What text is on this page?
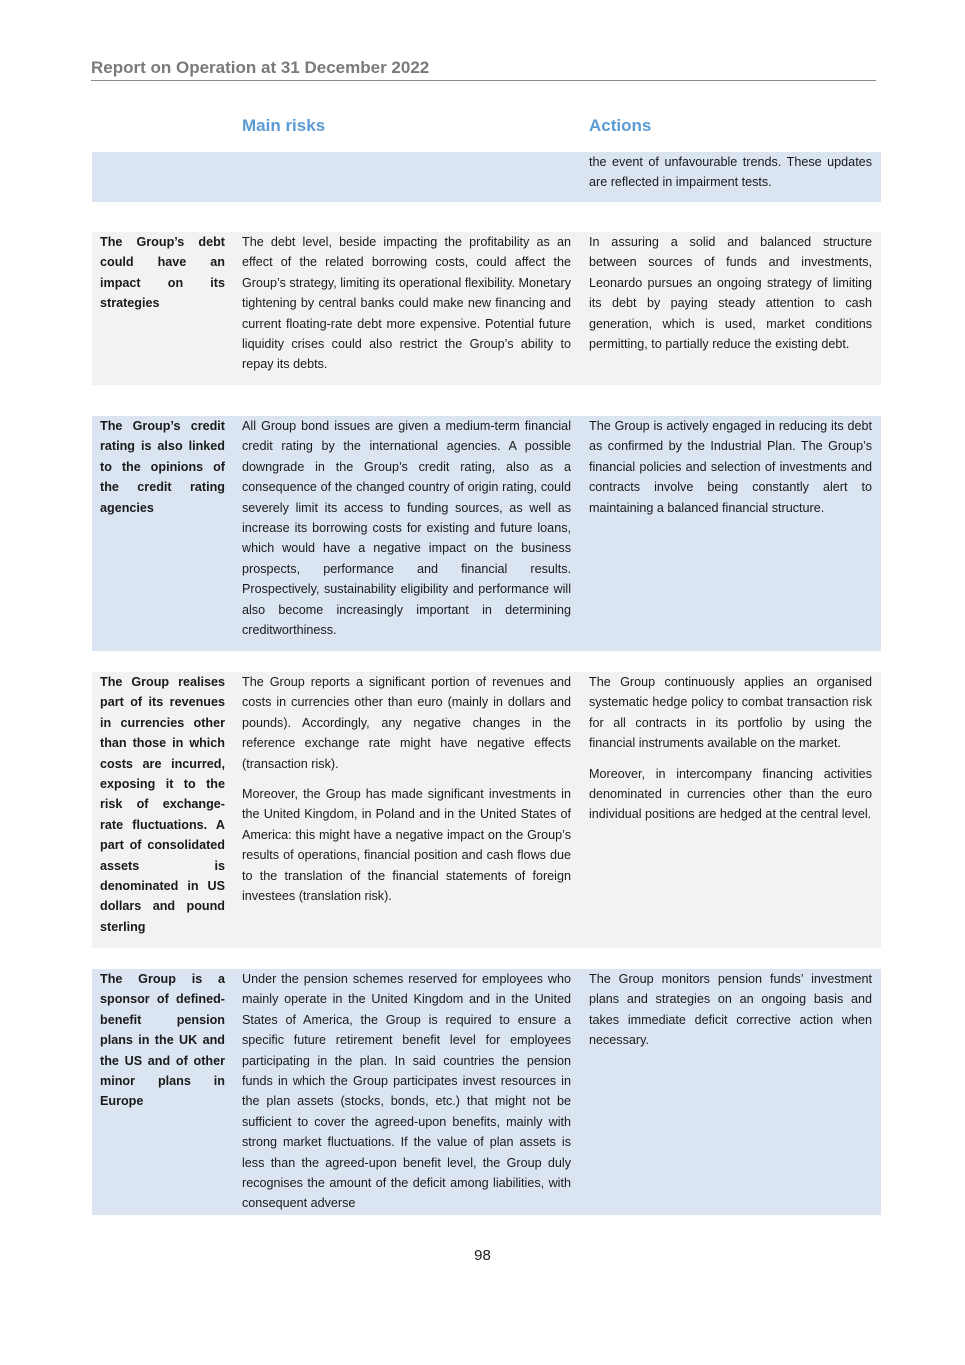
Report on Operation at 31 December 2022
Main risks	Actions
the event of unfavourable trends. These updates are reflected in impairment tests.
The Group’s debt could have an impact on its strategies

The debt level, beside impacting the profitability as an effect of the related borrowing costs, could affect the Group’s strategy, limiting its operational flexibility. Monetary tightening by central banks could make new financing and current floating-rate debt more expensive. Potential future liquidity crises could also restrict the Group’s ability to repay its debts.

In assuring a solid and balanced structure between sources of funds and investments, Leonardo pursues an ongoing strategy of limiting its debt by paying steady attention to cash generation, which is used, market conditions permitting, to partially reduce the existing debt.

The Group’s credit rating is also linked to the opinions of the credit rating agencies

All Group bond issues are given a medium-term financial credit rating by the international agencies. A possible downgrade in the Group’s credit rating, also as a consequence of the changed country of origin rating, could severely limit its access to funding sources, as well as increase its borrowing costs for existing and future loans, which would have a negative impact on the business prospects, performance and financial results. Prospectively, sustainability eligibility and performance will also become increasingly important in determining creditworthiness.

The Group is actively engaged in reducing its debt as confirmed by the Industrial Plan. The Group’s financial policies and selection of investments and contracts involve being constantly alert to maintaining a balanced financial structure.

The Group realises part of its revenues in currencies other than those in which costs are incurred, exposing it to the risk of exchange-rate fluctuations. A part of consolidated assets is denominated in US dollars and pound sterling

The Group reports a significant portion of revenues and costs in currencies other than euro (mainly in dollars and pounds). Accordingly, any negative changes in the reference exchange rate might have negative effects (transaction risk).

Moreover, the Group has made significant investments in the United Kingdom, in Poland and in the United States of America: this might have a negative impact on the Group’s results of operations, financial position and cash flows due to the translation of the financial statements of foreign investees (translation risk).

The Group continuously applies an organised systematic hedge policy to combat transaction risk for all contracts in its portfolio by using the financial instruments available on the market.

Moreover, in intercompany financing activities denominated in currencies other than the euro individual positions are hedged at the central level.

The Group is a sponsor of defined-benefit pension plans in the UK and the US and of other minor plans in Europe

Under the pension schemes reserved for employees who mainly operate in the United Kingdom and in the United States of America, the Group is required to ensure a specific future retirement benefit level for employees participating in the plan. In said countries the pension funds in which the Group participates invest resources in the plan assets (stocks, bonds, etc.) that might not be sufficient to cover the agreed-upon benefits, mainly with strong market fluctuations. If the value of plan assets is less than the agreed-upon benefit level, the Group duly recognises the amount of the deficit among liabilities, with consequent adverse

The Group monitors pension funds’ investment plans and strategies on an ongoing basis and takes immediate deficit corrective action when necessary.

98
